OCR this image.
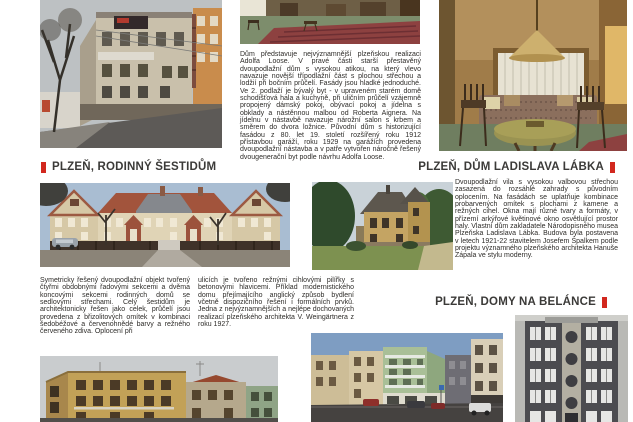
Dům představuje nejvýznamnější plzeňskou realizaci Adolfa Loose. V pravé části starší přestavěný dvoupodlažní dům s vysokou atikou, na který vlevo navazuje novější třípodlažní část s plochou střechou a lodžií při bočním průčelí. Fasády jsou hladké jednoduché. Ve 2. podlaží je bývalý byt - v upraveném starém domě schodišťová hala a kuchyně, při uličním průčelí vzájemně propojený dámský pokoj, obývací pokoj a jídelna s obklady a nástěnnou malbou od Roberta Aignera. Na jídelnu v nástavbě navazuje nárožní salon s krbem a směrem do dvora ložnice. Původní dům s historizující fasádou z 80. let 19. století rozšířený roku 1912 přístavbou garáží, roku 1929 na garážích provedena dvoupodlažní nástavba a v patře vytvořen náročně řešený dvougenerační byt podle návrhu Adolfa Loose.
PLZEŇ, RODINNÝ ŠESTIDŮM	PLZEŇ, DŮM LADISLAVA LÁBKA
Dvoupodlažní vila s vysokou valbovou střechou zasazená do rozsáhlé zahrady s původním oplocením. Na fasádách se uplatňuje kombinace probarvených omítek s plochami z kamene a režných cihel. Okna mají různé tvary a formáty, v přízemí arkýřové květinové okno osvětlující prostor haly. Vlastní dům zakladatele Národopisného musea Plzeňska Ladislava Lábka. Budova byla postavena v letech 1921-22 stavitelem Josefem Špalkem podle projektu významného plzeňského architekta Hanuše Zápala ve stylu moderny.
Symetricky řešený dvoupodlažní objekt tvořený čtyřmi obdobnými řadovými sekcemi a dvěma koncovými sekcemi rodinných domů se sedlovými střechami. Celý šestidům je architektonicky řešen jako celek, průčelí jsou provedena z břizolitových omítek v kombinaci šedobéžové a červenohnědé barvy a režného červeného zdiva. Oplocení při
ulicích je tvořeno režnými cihlovými pilířky s betonovými hlavicemi. Příklad modernistického domu přejímajícího anglický způsob bydlení včetně dispozičního řešení i formálních prvků. Jedna z nejvýznamnějších a nejlépe dochovaných realizací plzeňského architekta V. Weingärtnera z roku 1927.
PLZEŇ, DOMY NA BELÁNCE
